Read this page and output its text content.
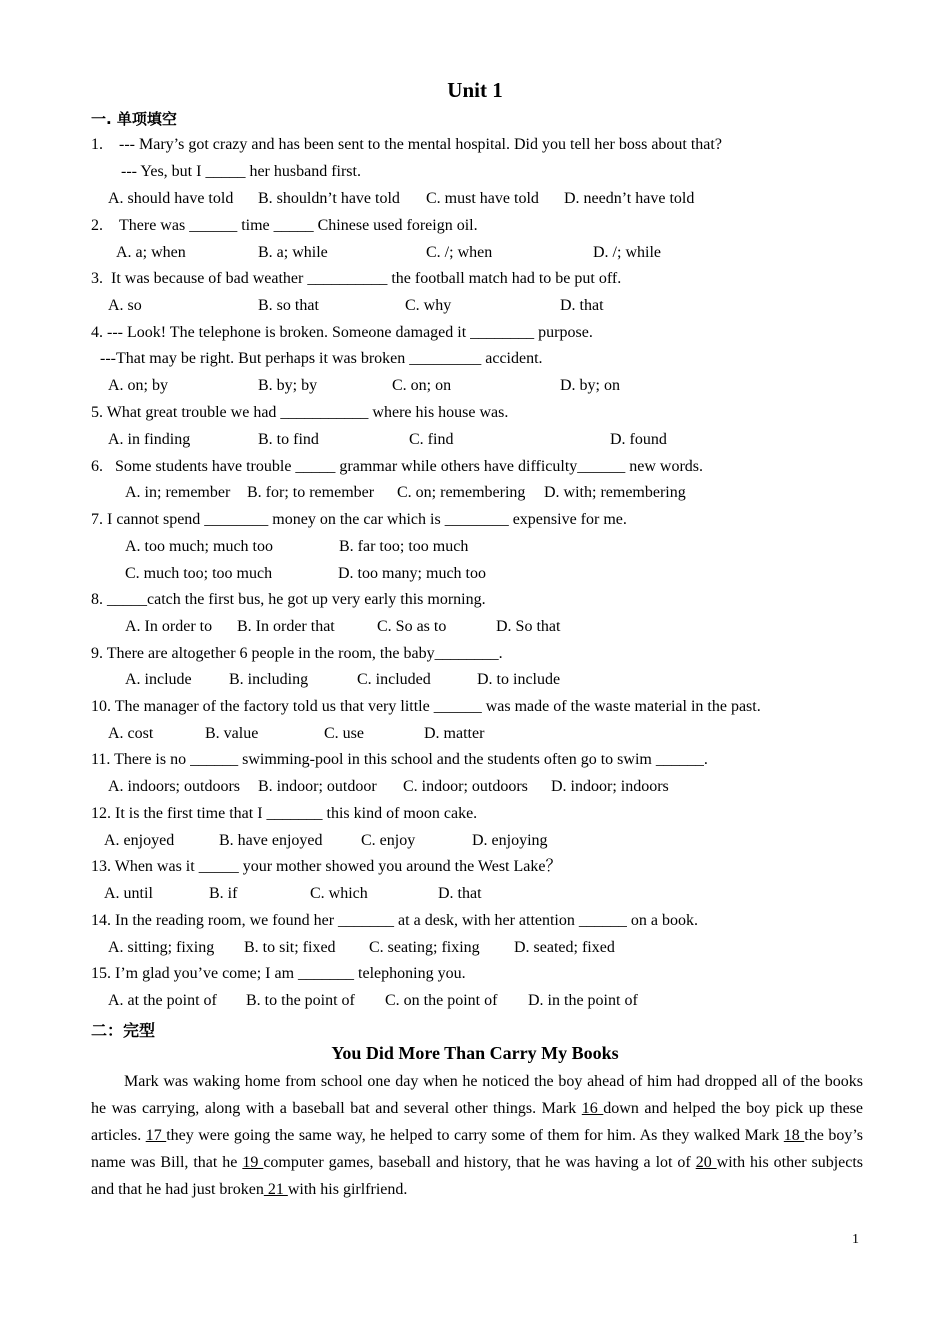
Unit 1
一. 单项填空
1.　--- Mary’s got crazy and has been sent to the mental hospital. Did you tell her boss about that?
--- Yes, but I _____ her husband first.
A. should have told B. shouldn’t have told C. must have told D. needn’t have told
2.　There was ______ time _____ Chinese used foreign oil.
A. a; when	B. a; while	C. /; when	D. /; while
3.  It was because of bad weather __________ the football match had to be put off.
A. so	B. so that	C. why	D. that
4. --- Look! The telephone is broken. Someone damaged it ________ purpose.
---That may be right. But perhaps it was broken _________ accident.
A. on; by	B. by; by	C. on; on	D. by; on
5. What great trouble we had ___________ where his house was.
A. in finding	B. to find	C. find	D. found
6.   Some students have trouble _____ grammar while others have difficulty______ new words.
A. in; remember B. for; to remember C. on; remembering D. with; remembering
7. I cannot spend ________ money on the car which is ________ expensive for me.
A. too much; much too	B. far too; too much
C. much too; too much	D. too many; much too
8. _____catch the first bus, he got up very early this morning.
A. In order to B. In order that	C. So as to	D. So that
9. There are altogether 6 people in the room, the baby________.
A. include B. including	C. included	D. to include
10. The manager of the factory told us that very little ______ was made of the waste material in the past.
A. cost	B. value	C. use	D. matter
11. There is no ______ swimming-pool in this school and the students often go to swim ______.
A. indoors; outdoors B. indoor; outdoor C. indoor; outdoors D. indoor; indoors
12. It is the first time that I _______ this kind of moon cake.
A. enjoyed	B. have enjoyed C. enjoy	D. enjoying
13. When was it _____ your mother showed you around the West Lake？
A. until	B. if	C. which	D. that
14. In the reading room, we found her _______ at a desk, with her attention ______ on a book.
A. sitting; fixing B. to sit; fixed C. seating; fixing D. seated; fixed
15. I’m glad you’ve come; I am _______ telephoning you.
A. at the point of B. to the point of C. on the point of D. in the point of
二：完型
You Did More Than Carry My Books
Mark was waking home from school one day when he noticed the boy ahead of him had dropped all of the books he was carrying, along with a baseball bat and several other things. Mark 16 down and helped the boy pick up these articles. 17 they were going the same way, he helped to carry some of them for him. As they walked Mark 18 the boy’s name was Bill, that he 19 computer games, baseball and history, that he was having a lot of 20 with his other subjects and that he had just broken 21 with his girlfriend.
1
